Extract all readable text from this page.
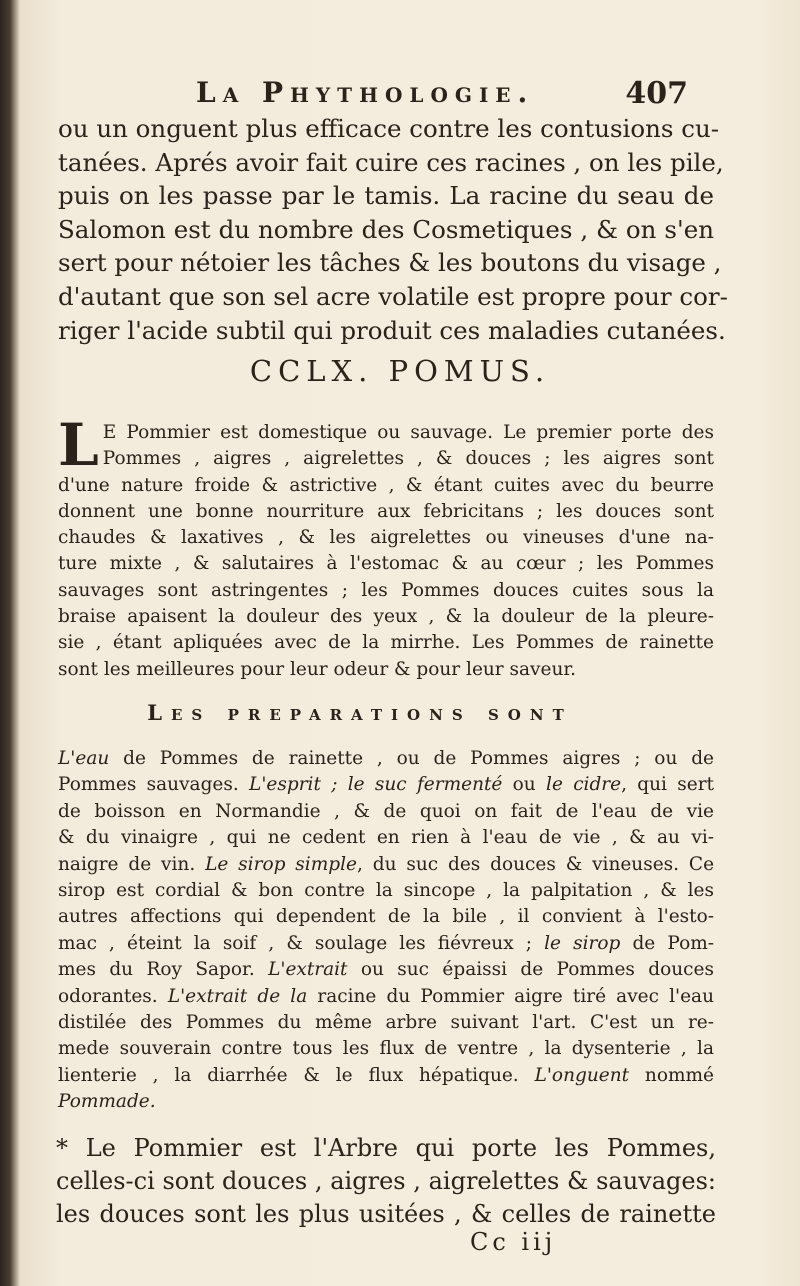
La Phythologie.	407
ou un onguent plus efficace contre les contusions cu-
tanées. Aprés avoir fait cuire ces racines , on les pile,
puis on les passe par le tamis. La racine du seau de
Salomon est du nombre des Cosmetiques , & on s'en
sert pour nétoier les tâches & les boutons du visage ,
d'autant que son sel acre volatile est propre pour cor-
riger l'acide subtil qui produit ces maladies cutanées.
CCLX. POMUS.
L E Pommier est domestique ou sauvage. Le premier porte des
Pommes , aigres , aigrelettes , & douces ; les aigres sont
d'une nature froide & astrictive , & étant cuites avec du beurre
donnent une bonne nourriture aux febricitans ; les douces sont
chaudes & laxatives , & les aigrelettes ou vineuses d'une na-
ture mixte , & salutaires à l'estomac & au cœur ; les Pommes
sauvages sont astringentes ; les Pommes douces cuites sous la
braise apaisent la douleur des yeux , & la douleur de la pleure-
sie , étant apliquées avec de la mirrhe. Les Pommes de rainette
sont les meilleures pour leur odeur & pour leur saveur.
Les preparations sont
L'eau de Pommes de rainette , ou de Pommes aigres ; ou de
Pommes sauvages. L'esprit ; le suc fermenté ou le cidre, qui sert
de boisson en Normandie , & de quoi on fait de l'eau de vie
& du vinaigre , qui ne cedent en rien à l'eau de vie , & au vi-
naigre de vin. Le sirop simple, du suc des douces & vineuses. Ce
sirop est cordial & bon contre la sincope , la palpitation , & les
autres affections qui dependent de la bile , il convient à l'esto-
mac , éteint la soif , & soulage les fiévreux ; le sirop de Pom-
mes du Roy Sapor. L'extrait ou suc épaissi de Pommes douces
odorantes. L'extrait de la racine du Pommier aigre tiré avec l'eau
distilée des Pommes du même arbre suivant l'art. C'est un re-
mede souverain contre tous les flux de ventre , la dysenterie , la
lienterie , la diarrhée & le flux hépatique. L'onguent nommé
Pommade.
* Le Pommier est l'Arbre qui porte les Pommes,
celles-ci sont douces , aigres , aigrelettes & sauvages:
les douces sont les plus usitées , & celles de rainette
Cc iij
